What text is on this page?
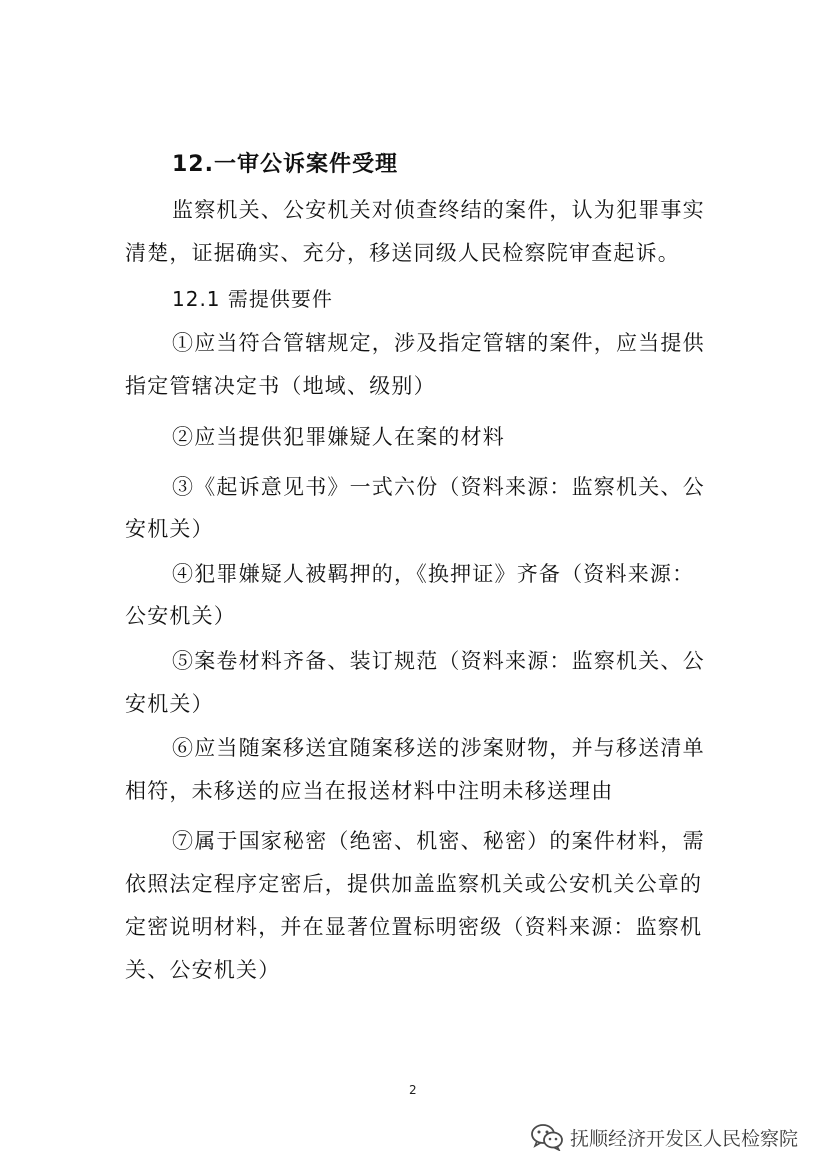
12.一审公诉案件受理
监察机关、公安机关对侦查终结的案件，认为犯罪事实
清楚，证据确实、充分，移送同级人民检察院审查起诉。
12.1 需提供要件
①应当符合管辖规定，涉及指定管辖的案件，应当提供
指定管辖决定书（地域、级别）
②应当提供犯罪嫌疑人在案的材料
③《起诉意见书》一式六份（资料来源：监察机关、公
安机关）
④犯罪嫌疑人被羁押的，《换押证》齐备（资料来源：
公安机关）
⑤案卷材料齐备、装订规范（资料来源：监察机关、公
安机关）
⑥应当随案移送宜随案移送的涉案财物，并与移送清单
相符，未移送的应当在报送材料中注明未移送理由
⑦属于国家秘密（绝密、机密、秘密）的案件材料，需
依照法定程序定密后，提供加盖监察机关或公安机关公章的
定密说明材料，并在显著位置标明密级（资料来源：监察机
关、公安机关）
2
抚顺经济开发区人民检察院
